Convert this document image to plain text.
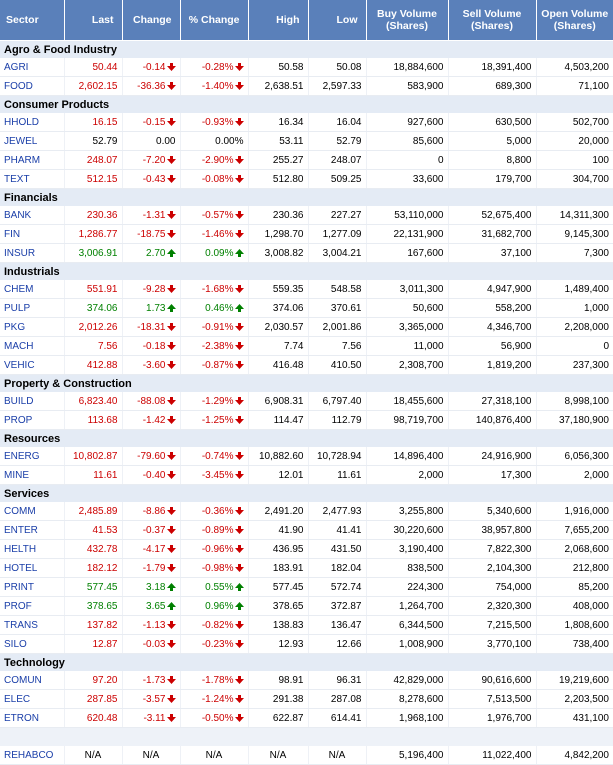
Sector	Last	Change	% Change	High	Low	Buy Volume (Shares)	Sell Volume (Shares)	Open Volume (Shares)
Agro & Food Industry								
AGRI	50.44	-0.14	-0.28%	50.58	50.08	18,884,600	18,391,400	4,503,200
FOOD	2,602.15	-36.36	-1.40%	2,638.51	2,597.33	583,900	689,300	71,100
Consumer Products								
HHOLD	16.15	-0.15	-0.93%	16.34	16.04	927,600	630,500	502,700
JEWEL	52.79	0.00	0.00%	53.11	52.79	85,600	5,000	20,000
PHARM	248.07	-7.20	-2.90%	255.27	248.07	0	8,800	100
TEXT	512.15	-0.43	-0.08%	512.80	509.25	33,600	179,700	304,700
Financials								
BANK	230.36	-1.31	-0.57%	230.36	227.27	53,110,000	52,675,400	14,311,300
FIN	1,286.77	-18.75	-1.46%	1,298.70	1,277.09	22,131,900	31,682,700	9,145,300
INSUR	3,006.91	2.70	0.09%	3,008.82	3,004.21	167,600	37,100	7,300
Industrials								
CHEM	551.91	-9.28	-1.68%	559.35	548.58	3,011,300	4,947,900	1,489,400
PULP	374.06	1.73	0.46%	374.06	370.61	50,600	558,200	1,000
PKG	2,012.26	-18.31	-0.91%	2,030.57	2,001.86	3,365,000	4,346,700	2,208,000
MACH	7.56	-0.18	-2.38%	7.74	7.56	11,000	56,900	0
VEHIC	412.88	-3.60	-0.87%	416.48	410.50	2,308,700	1,819,200	237,300
Property & Construction								
BUILD	6,823.40	-88.08	-1.29%	6,908.31	6,797.40	18,455,600	27,318,100	8,998,100
PROP	113.68	-1.42	-1.25%	114.47	112.79	98,719,700	140,876,400	37,180,900
Resources								
ENERG	10,802.87	-79.60	-0.74%	10,882.60	10,728.94	14,896,400	24,916,900	6,056,300
MINE	11.61	-0.40	-3.45%	12.01	11.61	2,000	17,300	2,000
Services								
COMM	2,485.89	-8.86	-0.36%	2,491.20	2,477.93	3,255,800	5,340,600	1,916,000
ENTER	41.53	-0.37	-0.89%	41.90	41.41	30,220,600	38,957,800	7,655,200
HELTH	432.78	-4.17	-0.96%	436.95	431.50	3,190,400	7,822,300	2,068,600
HOTEL	182.12	-1.79	-0.98%	183.91	182.04	838,500	2,104,300	212,800
PRINT	577.45	3.18	0.55%	577.45	572.74	224,300	754,000	85,200
PROF	378.65	3.65	0.96%	378.65	372.87	1,264,700	2,320,300	408,000
TRANS	137.82	-1.13	-0.82%	138.83	136.47	6,344,500	7,215,500	1,808,600
SILO	12.87	-0.03	-0.23%	12.93	12.66	1,008,900	3,770,100	738,400
Technology								
COMUN	97.20	-1.73	-1.78%	98.91	96.31	42,829,000	90,616,600	19,219,600
ELEC	287.85	-3.57	-1.24%	291.38	287.08	8,278,600	7,513,500	2,203,500
ETRON	620.48	-3.11	-0.50%	622.87	614.41	1,968,100	1,976,700	431,100

REHABCO	N/A	N/A	N/A	N/A	N/A	5,196,400	11,022,400	4,842,200
